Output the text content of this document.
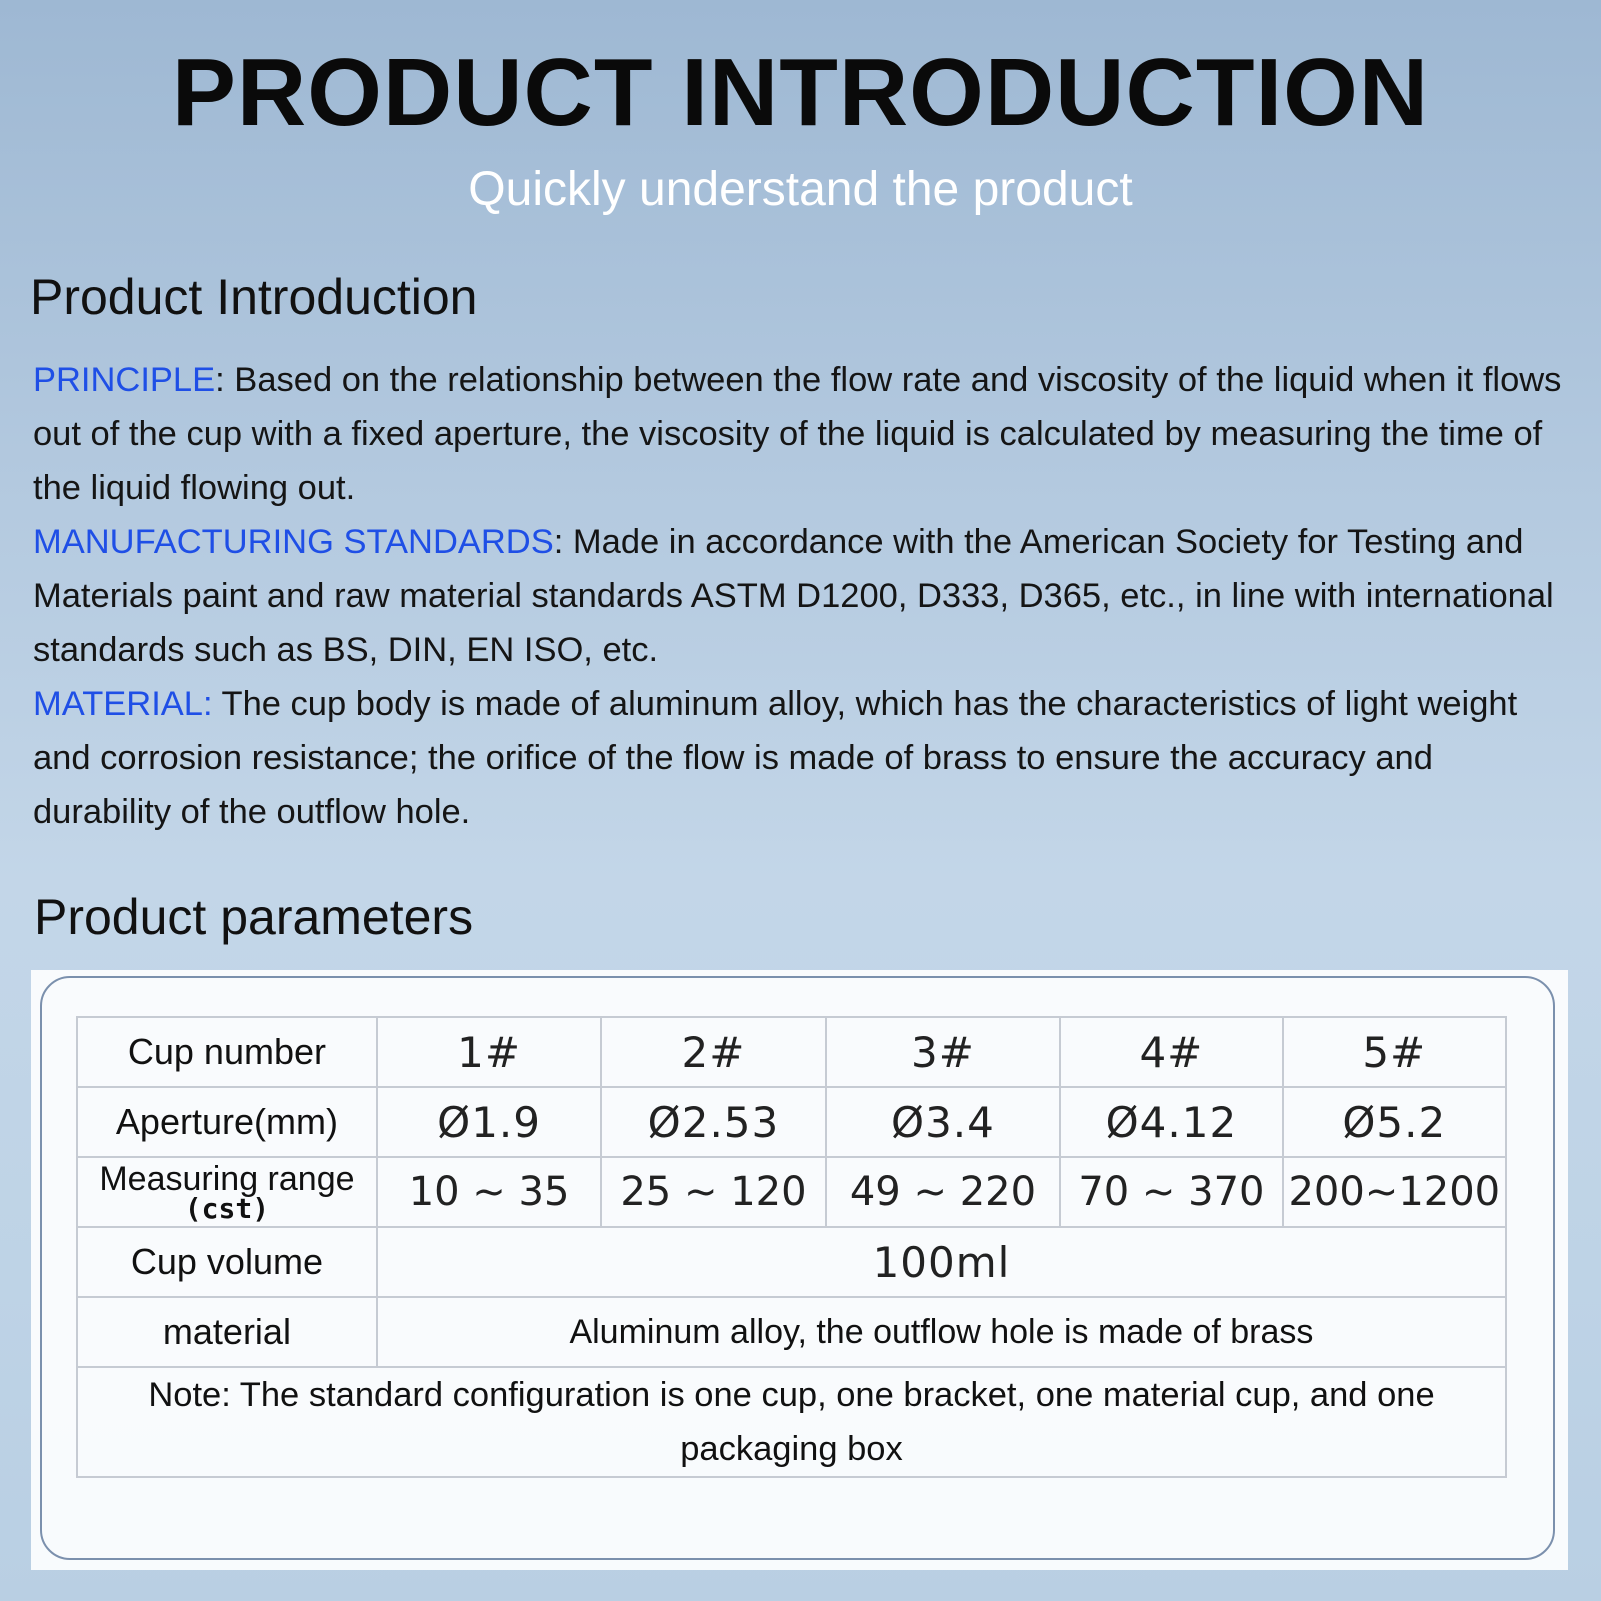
PRODUCT INTRODUCTION
Quickly understand the product
Product Introduction

PRINCIPLE: Based on the relationship between the flow rate and viscosity of the liquid when it flows out of the cup with a fixed aperture, the viscosity of the liquid is calculated by measuring the time of the liquid flowing out.

MANUFACTURING STANDARDS: Made in accordance with the American Society for Testing and Materials paint and raw material standards ASTM D1200, D333, D365, etc., in line with international standards such as BS, DIN, EN ISO, etc.

MATERIAL: The cup body is made of aluminum alloy, which has the characteristics of light weight and corrosion resistance; the orifice of the flow is made of brass to ensure the accuracy and durability of the outflow hole.

Product parameters
Cup number	1#	2#	3#	4#	5#
Aperture(mm)	Ø1.9	Ø2.53	Ø3.4	Ø4.12	Ø5.2
Measuring range
(cst)	10 ~ 35	25 ~ 120	49 ~ 220	70 ~ 370	200~1200
Cup volume	100ml				
material	Aluminum alloy, the outflow hole is made of brass				
Note: The standard configuration is one cup, one bracket, one material cup, and one packaging box					
